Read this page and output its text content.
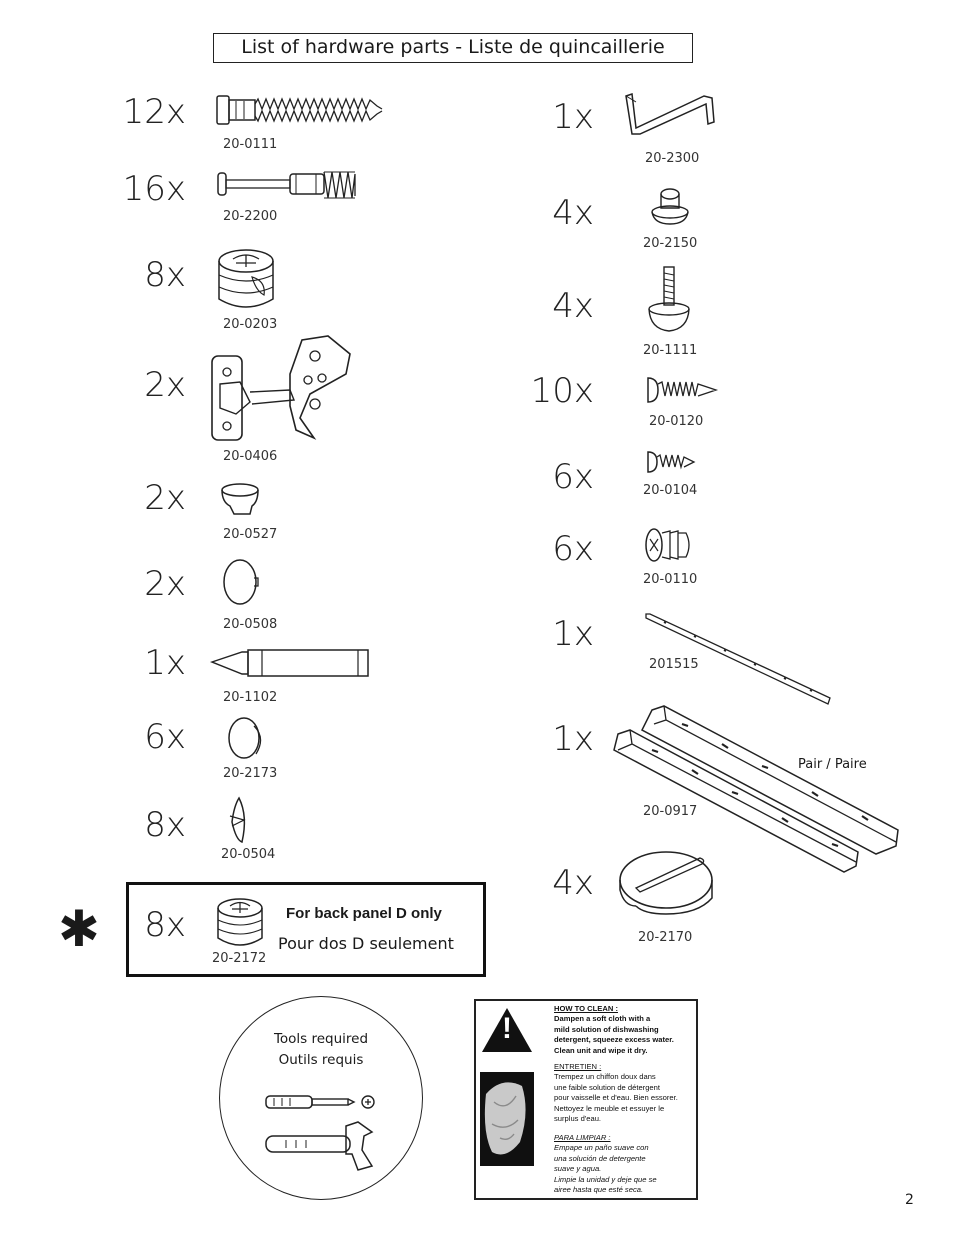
List of hardware parts - Liste de quincaillerie
12x
20-0111
16x
20-2200
8x
20-0203
2x
20-0406
2x
20-0527
2x
20-0508
1x
20-1102
6x
20-2173
8x
20-0504
✱	8x
20-2172
For back panel D only
Pour dos D seulement
1x
20-2300
4x
20-2150
4x
20-1111
10x
20-0120
6x	20-0104
6x
20-0110
1x
201515
1x
Pair / Paire
20-0917
4x
20-2170
Tools required
Outils requis
!
HOW TO CLEAN :
Dampen a soft cloth with a
mild solution of dishwashing
detergent, squeeze excess water.
Clean unit and wipe it dry.
ENTRETIEN :
Trempez un chiffon doux dans
une faible solution de détergent
pour vaisselle et d'eau. Bien essorer.
Nettoyez le meuble et essuyer le
surplus d'eau.
PARA LIMPIAR :
Empape un paño suave con
una solución de detergente
suave y agua.
Limpie la unidad y deje que se
airee hasta que esté seca.
2
